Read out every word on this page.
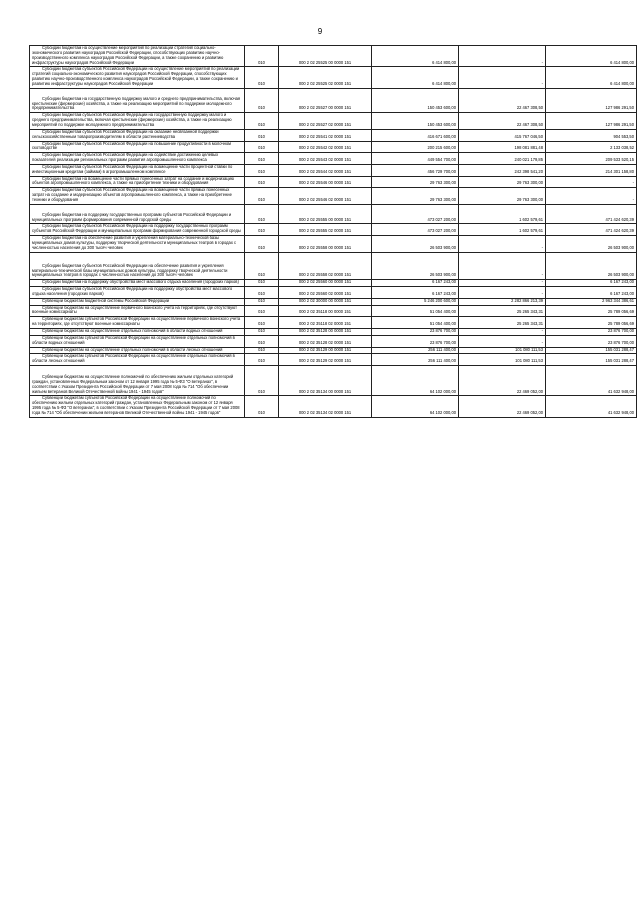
9
Субсидии бюджетам на осуществление мероприятий по реализации стратегий социально-экономического развития наукоградов Российской Федерации, способствующих развитию научно-производственного комплекса наукоградов Российской Федерации, а также сохранению и развитию инфраструктуры наукоградов Российской Федерации	010	000 2 02 25525 00 0000 151	6 414 800,00	-	6 414 800,00

Субсидии бюджетам субъектов Российской Федерации на осуществление мероприятий по реализации стратегий социально-экономического развития наукоградов Российской Федерации, способствующих развитию научно-производственного комплекса наукоградов Российской Федерации, а также сохранению и развитию инфраструктуры наукоградов Российской Федерации	010	000 2 02 25525 02 0000 151	6 414 800,00	-	6 414 800,00

Субсидии бюджетам на государственную поддержку малого и среднего предпринимательства, включая крестьянские (фермерские) хозяйства, а также на реализацию мероприятий по поддержке молодежного предпринимательства	010	000 2 02 25527 00 0000 151	150 453 600,00	22 467 308,50	127 986 291,50

Субсидии бюджетам субъектов Российской Федерации на государственную поддержку малого и среднего предпринимательства, включая крестьянские (фермерские) хозяйства, а также на реализацию мероприятий по поддержке молодежного предпринимательства	010	000 2 02 25527 02 0000 151	150 453 600,00	22 467 308,50	127 986 291,50

Субсидии бюджетам субъектов Российской Федерации на оказание несвязанной поддержки сельскохозяйственным товаропроизводителям в области растениеводства	010	000 2 02 25541 02 0000 151	416 671 600,00	415 767 046,50	904 553,50

Субсидии бюджетам субъектов Российской Федерации на повышение продуктивности в молочном скотоводстве	010	000 2 02 25542 02 0000 151	200 215 600,00	198 081 881,48	2 133 038,52

Субсидии бюджетам субъектов Российской Федерации на содействие достижению целевых показателей реализации региональных программ развития агропромышленного комплекса	010	000 2 02 25543 02 0000 151	449 554 700,00	240 021 179,85	209 533 520,15

Субсидии бюджетам субъектов Российской Федерации на возмещение части процентной ставки по инвестиционным кредитам (займам) в агропромышленном комплексе	010	000 2 02 25544 02 0000 151	456 729 700,00	242 398 541,20	214 301 158,80

Субсидии бюджетам на возмещение части прямых понесенных затрат на создание и модернизацию объектов агропромышленного комплекса, а также на приобретение техники и оборудования	010	000 2 02 25546 00 0000 151	29 763 300,00	29 763 300,00	-

Субсидии бюджетам субъектов Российской Федерации на возмещение части прямых понесенных затрат на создание и модернизацию объектов агропромышленного комплекса, а также на приобретение техники и оборудования	010	000 2 02 25546 02 0000 151	29 763 300,00	29 763 300,00	-

Субсидии бюджетам на поддержку государственных программ субъектов Российской Федерации и муниципальных программ формирования современной городской среды	010	000 2 02 25555 00 0000 151	473 027 200,00	1 602 579,61	471 424 620,39

Субсидии бюджетам субъектов Российской Федерации на поддержку государственных программ субъектов Российской Федерации и муниципальных программ формирования современной городской среды	010	000 2 02 25555 02 0000 151	473 027 200,00	1 602 579,61	471 424 620,39

Субсидии бюджетам на обеспечение развития и укрепления материально-технической базы муниципальных домов культуры, поддержку творческой деятельности муниципальных театров в городах с численностью населения до 300 тысяч человек	010	000 2 02 25558 00 0000 151	26 503 900,00	-	26 503 900,00

Субсидии бюджетам субъектов Российской Федерации на обеспечение развития и укрепления материально-технической базы муниципальных домов культуры, поддержку творческой деятельности муниципальных театров в городах с численностью населения до 300 тысяч человек	010	000 2 02 25558 02 0000 151	26 503 900,00	-	26 503 900,00

Субсидии бюджетам на поддержку обустройства мест массового отдыха населения (городских парков)	010	000 2 02 25560 00 0000 151	6 167 243,00	-	6 167 243,00

Субсидии бюджетам субъектов Российской Федерации на поддержку обустройства мест массового отдыха населения (городских парков)	010	000 2 02 25560 02 0000 151	6 167 243,00	-	6 167 243,00

Субвенции бюджетам бюджетной системы Российской Федерации	010	000 2 02 30000 00 0000 151	5 246 200 600,00	2 282 866 213,39	2 963 344 386,61

Субвенции бюджетам на осуществление первичного воинского учета на территориях, где отсутствуют военные комиссариаты	010	000 2 02 35118 00 0000 151	51 054 400,00	25 265 343,31	25 789 056,69

Субвенции бюджетам субъектов Российской Федерации на осуществление первичного воинского учета на территориях, где отсутствуют военные комиссариаты	010	000 2 02 35118 02 0000 151	51 054 400,00	25 265 343,31	25 789 056,69

Субвенции бюджетам на осуществление отдельных полномочий в области водных отношений	010	000 2 02 35128 00 0000 151	23 876 700,00	-	23 876 700,00

Субвенции бюджетам субъектов Российской Федерации на осуществление отдельных полномочий в области водных отношений	010	000 2 02 35128 02 0000 151	23 876 700,00	-	23 876 700,00

Субвенции бюджетам на осуществление отдельных полномочий в области лесных отношений	010	000 2 02 35129 00 0000 151	256 111 400,00	101 080 111,53	155 031 288,47

Субвенции бюджетам субъектов Российской Федерации на осуществление отдельных полномочий в области лесных отношений	010	000 2 02 35129 02 0000 151	256 111 400,00	101 080 111,53	155 031 288,47

Субвенции бюджетам на осуществление полномочий по обеспечению жильем отдельных категорий граждан, установленных Федеральным законом от 12 января 1995 года № 5-ФЗ "О ветеранах", в соответствии с Указом Президента Российской Федерации от 7 мая 2008 года № 714 "Об обеспечении жильем ветеранов Великой Отечественной войны 1941 - 1945 годов"	010	000 2 02 35134 00 0000 151	64 102 000,00	22 469 052,00	41 632 948,00

Субвенции бюджетам субъектов Российской Федерации на осуществление полномочий по обеспечению жильем отдельных категорий граждан, установленных Федеральным законом от 12 января 1995 года № 5-ФЗ "О ветеранах", в соответствии с Указом Президента Российской Федерации от 7 мая 2008 года № 714 "Об обеспечении жильем ветеранов Великой Отечественной войны 1941 - 1945 годов"	010	000 2 02 35134 02 0000 151	64 102 000,00	22 469 052,00	41 632 948,00
